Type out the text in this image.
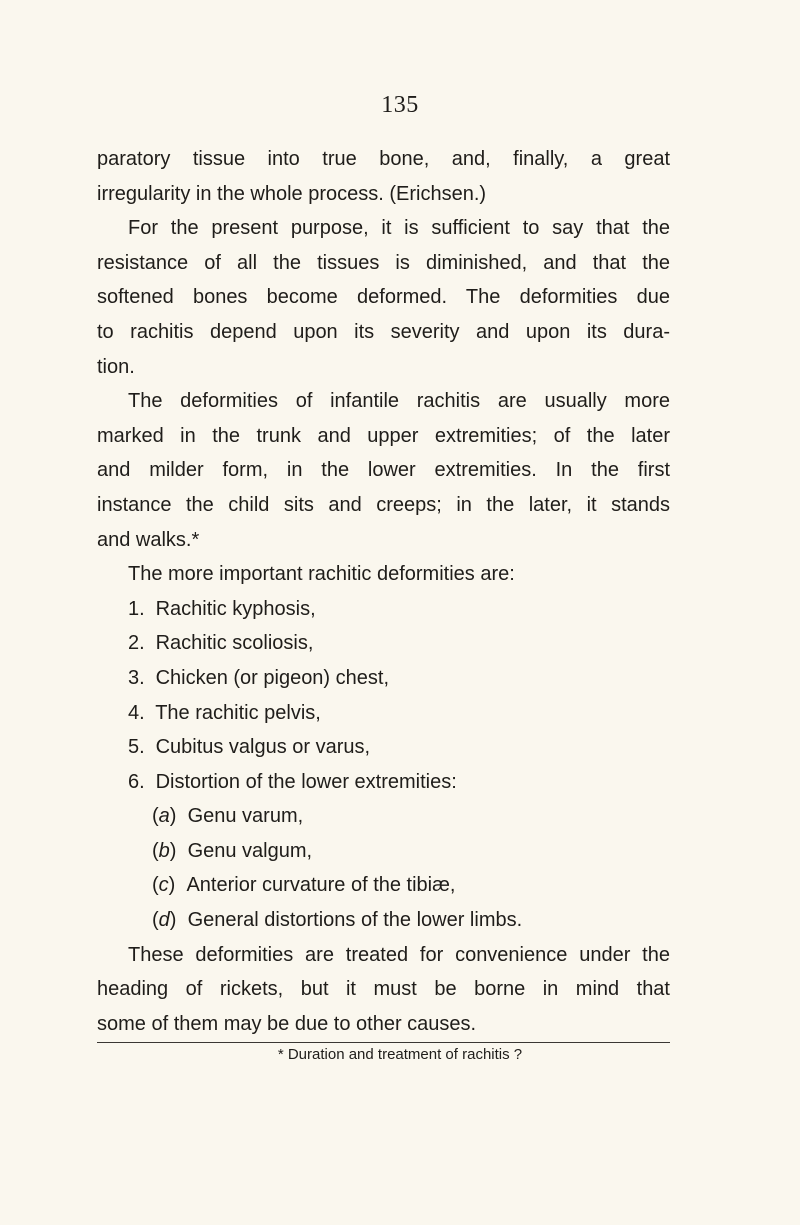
135
paratory tissue into true bone, and, finally, a great
irregularity in the whole process. (Erichsen.)
For the present purpose, it is sufficient to say that the
resistance of all the tissues is diminished, and that the
softened bones become deformed. The deformities due
to rachitis depend upon its severity and upon its dura-
tion.
The deformities of infantile rachitis are usually more
marked in the trunk and upper extremities; of the later
and milder form, in the lower extremities. In the first
instance the child sits and creeps; in the later, it stands
and walks.*
The more important rachitic deformities are:
1. Rachitic kyphosis,
2. Rachitic scoliosis,
3. Chicken (or pigeon) chest,
4. The rachitic pelvis,
5. Cubitus valgus or varus,
6. Distortion of the lower extremities:
(a) Genu varum,
(b) Genu valgum,
(c) Anterior curvature of the tibiæ,
(d) General distortions of the lower limbs.
These deformities are treated for convenience under the
heading of rickets, but it must be borne in mind that
some of them may be due to other causes.
* Duration and treatment of rachitis ?
